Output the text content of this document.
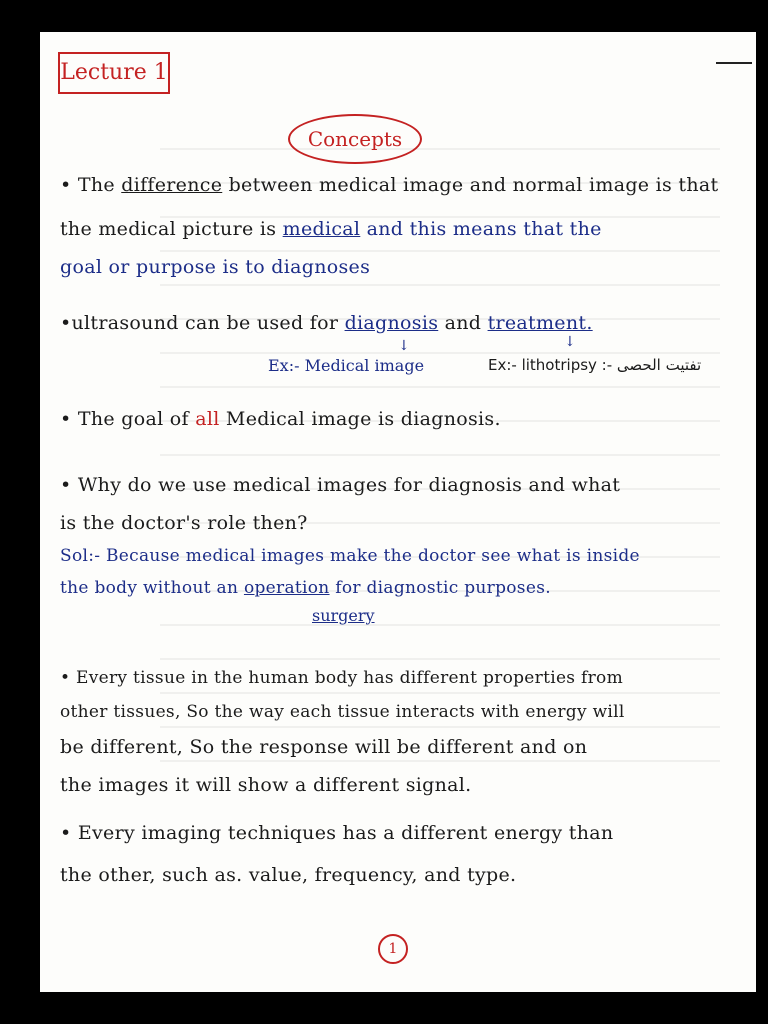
Lecture 1
Concepts
• The difference between medical image and normal image is that
the medical picture is medical and this means that the
goal or purpose is to diagnoses
•ultrasound can be used for diagnosis and treatment.
↓	↓
Ex:- Medical image	Ex:- lithotripsy :- تفتيت الحصى
• The goal of all Medical image is diagnosis.
• Why do we use medical images for diagnosis and what
is the doctor's role then?
Sol:- Because medical images make the doctor see what is inside
the body without an operation for diagnostic purposes.
surgery
• Every tissue in the human body has different properties from
other tissues, So the way each tissue interacts with energy will
be different, So the response will be different and on
the images it will show a different signal.
• Every imaging techniques has a different energy than
the other, such as. value, frequency, and type.
1
